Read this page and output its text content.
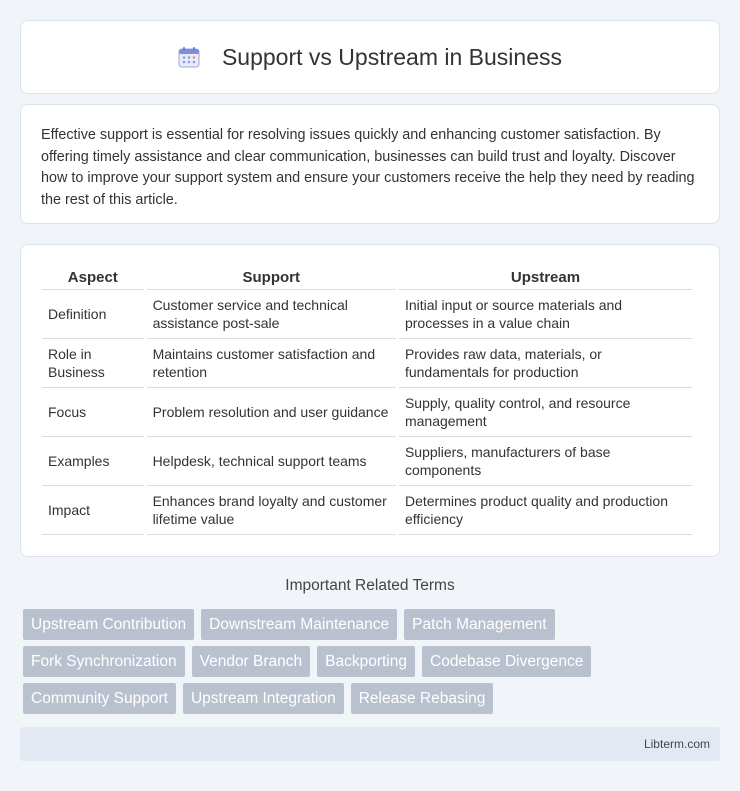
Support vs Upstream in Business

Effective support is essential for resolving issues quickly and enhancing customer satisfaction. By offering timely assistance and clear communication, businesses can build trust and loyalty. Discover how to improve your support system and ensure your customers receive the help they need by reading the rest of this article.

Aspect	Support	Upstream
Definition	Customer service and technical assistance post-sale	Initial input or source materials and processes in a value chain
Role in Business	Maintains customer satisfaction and retention	Provides raw data, materials, or fundamentals for production
Focus	Problem resolution and user guidance	Supply, quality control, and resource management
Examples	Helpdesk, technical support teams	Suppliers, manufacturers of base components
Impact	Enhances brand loyalty and customer lifetime value	Determines product quality and production efficiency
Important Related Terms
Upstream Contribution	Downstream Maintenance	Patch Management
Fork Synchronization	Vendor Branch	Backporting	Codebase Divergence
Community Support	Upstream Integration	Release Rebasing
Libterm.com
